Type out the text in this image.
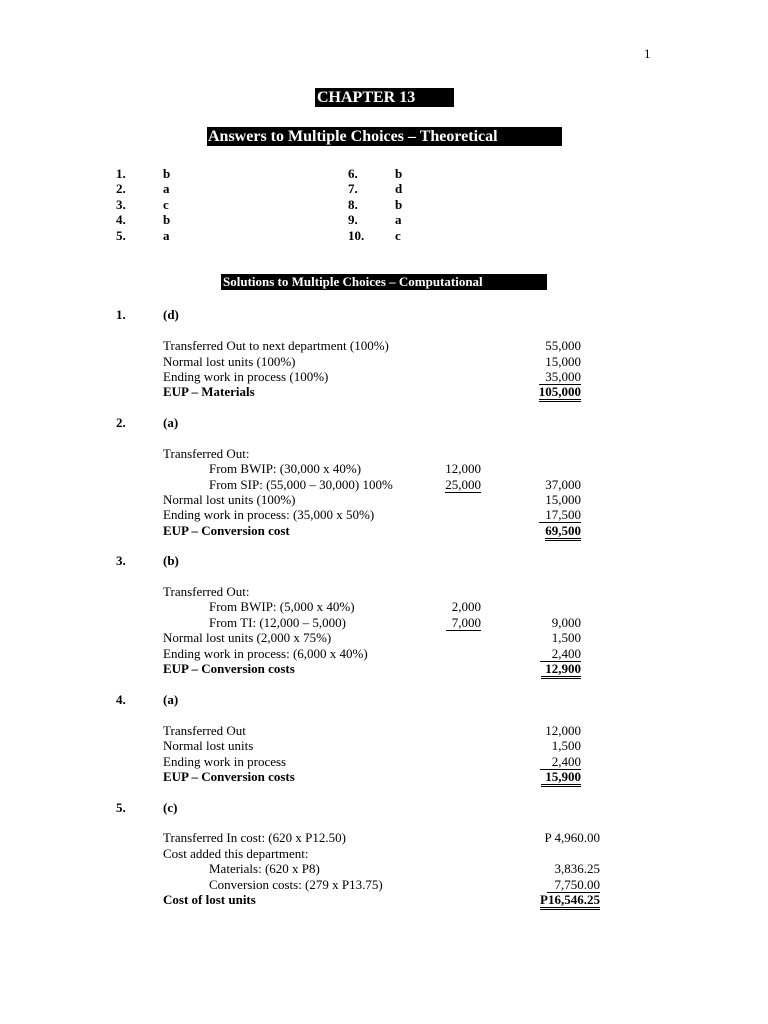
1
CHAPTER 13
Answers to Multiple Choices – Theoretical
1.	b
2.	a
3.	c
4.	b
5.	a
6.	b
7.	d
8.	b
9.	a
10. c
Solutions to Multiple Choices – Computational
1.	(d)
Transferred Out to next department (100%)	55,000
Normal lost units (100%)	15,000
Ending work in process (100%)	35,000
EUP – Materials	105,000
2.	(a)
Transferred Out:
From BWIP: (30,000 x 40%)	12,000
From SIP: (55,000 – 30,000) 100%	25,000	37,000
Normal lost units (100%)	15,000
Ending work in process: (35,000 x 50%)	17,500
EUP – Conversion cost	69,500
3.	(b)
Transferred Out:
From BWIP: (5,000 x 40%)	2,000
From TI: (12,000 – 5,000)	7,000	9,000
Normal lost units (2,000 x 75%)	1,500
Ending work in process: (6,000 x 40%)	2,400
EUP – Conversion costs	12,900
4.	(a)
Transferred Out	12,000
Normal lost units	1,500
Ending work in process	2,400
EUP – Conversion costs	15,900
5.	(c)
Transferred In cost: (620 x P12.50)	P 4,960.00
Cost added this department:
Materials: (620 x P8)	3,836.25
Conversion costs: (279 x P13.75)	7,750.00
Cost of lost units	P16,546.25
